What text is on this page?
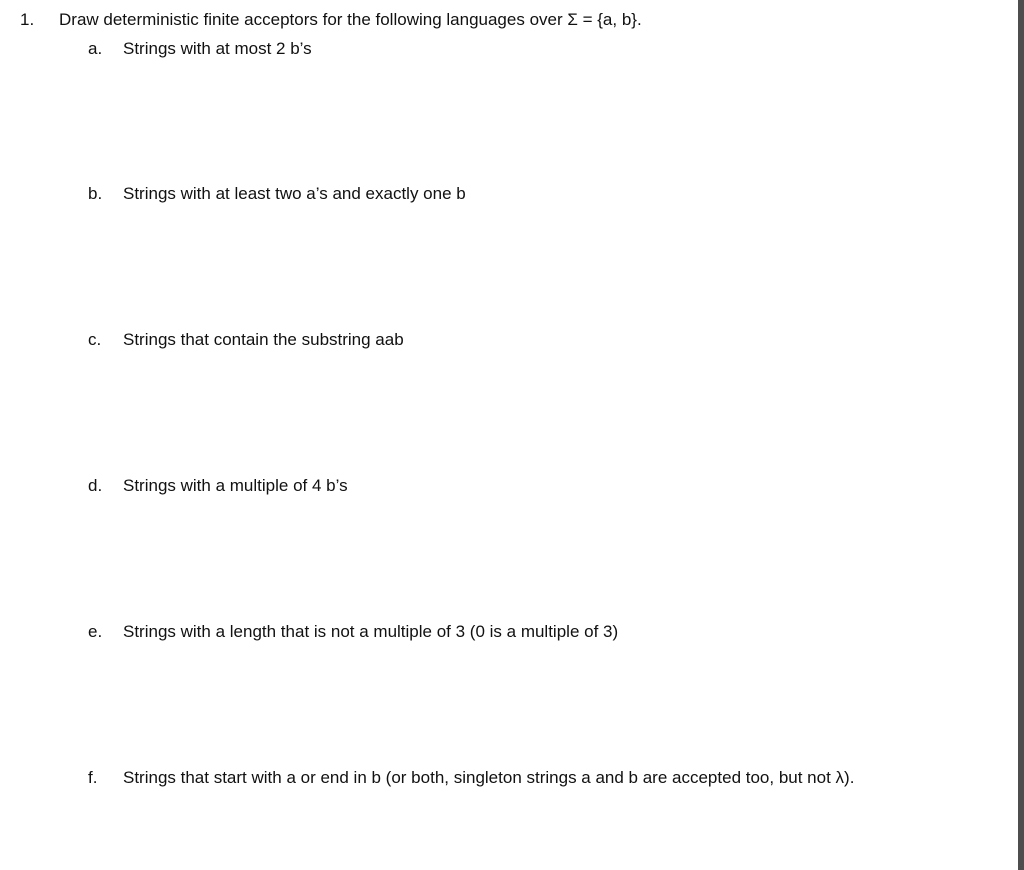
1. Draw deterministic finite acceptors for the following languages over Σ = {a, b}.
a. Strings with at most 2 b’s
b. Strings with at least two a’s and exactly one b
c. Strings that contain the substring aab
d. Strings with a multiple of 4 b’s
e. Strings with a length that is not a multiple of 3 (0 is a multiple of 3)
f. Strings that start with a or end in b (or both, singleton strings a and b are accepted too, but not λ).
